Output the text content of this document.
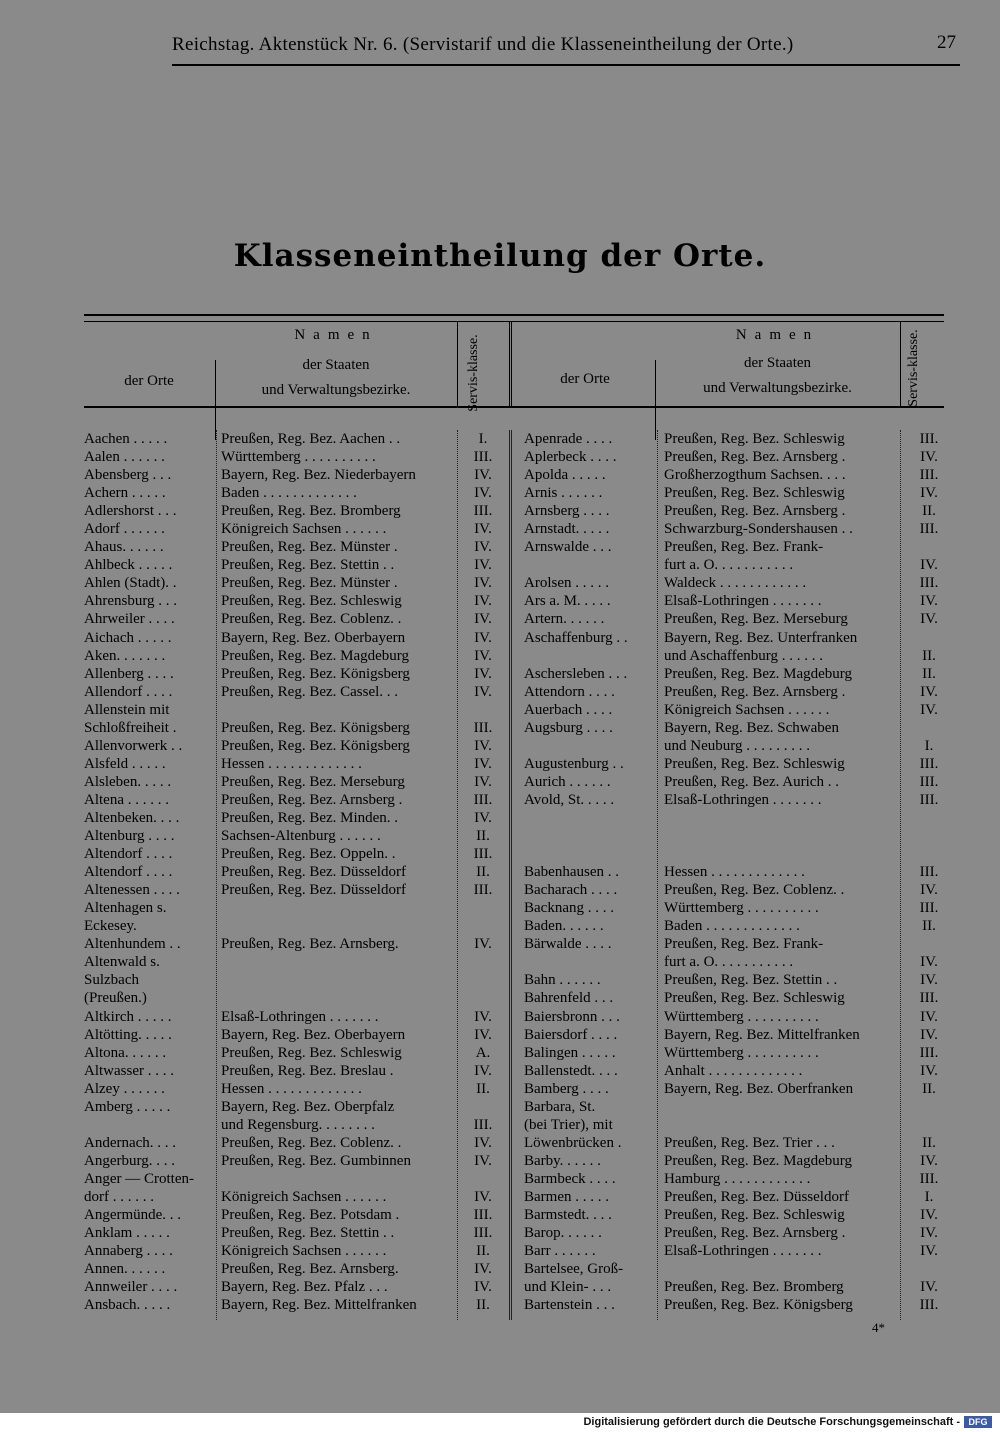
Reichstag. Aktenstück Nr. 6. (Servistarif und die Klasseneintheilung der Orte.)	27
Klasseneintheilung der Orte.
Namen
der Orte
der Staaten
und Verwaltungsbezirke.	Servis-klasse.	Namen
der Orte
der Staaten
und Verwaltungsbezirke.	Servis-klasse.
Aachen . . . . .	Preußen, Reg. Bez. Aachen . .	I.
Aalen . . . . . .	Württemberg . . . . . . . . . .	III.
Abensberg . . .	Bayern, Reg. Bez. Niederbayern	IV.
Achern . . . . .	Baden . . . . . . . . . . . . .	IV.
Adlershorst . . .	Preußen, Reg. Bez. Bromberg	III.
Adorf . . . . . .	Königreich Sachsen . . . . . .	IV.
Ahaus. . . . . .	Preußen, Reg. Bez. Münster .	IV.
Ahlbeck . . . . .	Preußen, Reg. Bez. Stettin . .	IV.
Ahlen (Stadt). .	Preußen, Reg. Bez. Münster .	IV.
Ahrensburg . . .	Preußen, Reg. Bez. Schleswig	IV.
Ahrweiler . . . .	Preußen, Reg. Bez. Coblenz. .	IV.
Aichach . . . . .	Bayern, Reg. Bez. Oberbayern	IV.
Aken. . . . . . .	Preußen, Reg. Bez. Magdeburg	IV.
Allenberg . . . .	Preußen, Reg. Bez. Königsberg	IV.
Allendorf . . . .	Preußen, Reg. Bez. Cassel. . .	IV.
Allenstein mit
Schloßfreiheit .	Preußen, Reg. Bez. Königsberg	III.
Allenvorwerk . .	Preußen, Reg. Bez. Königsberg	IV.
Alsfeld . . . . .	Hessen . . . . . . . . . . . . .	IV.
Alsleben. . . . .	Preußen, Reg. Bez. Merseburg	IV.
Altena . . . . . .	Preußen, Reg. Bez. Arnsberg .	III.
Altenbeken. . . .	Preußen, Reg. Bez. Minden. .	IV.
Altenburg . . . .	Sachsen-Altenburg . . . . . .	II.
Altendorf . . . .	Preußen, Reg. Bez. Oppeln. .	III.
Altendorf . . . .	Preußen, Reg. Bez. Düsseldorf	II.
Altenessen . . . .	Preußen, Reg. Bez. Düsseldorf	III.
Altenhagen s.
Eckesey.
Altenhundem . .	Preußen, Reg. Bez. Arnsberg.	IV.
Altenwald s.
Sulzbach
(Preußen.)
Altkirch . . . . .	Elsaß-Lothringen . . . . . . .	IV.
Altötting. . . . .	Bayern, Reg. Bez. Oberbayern	IV.
Altona. . . . . .	Preußen, Reg. Bez. Schleswig	A.
Altwasser . . . .	Preußen, Reg. Bez. Breslau .	IV.
Alzey . . . . . .	Hessen . . . . . . . . . . . . .	II.
Amberg . . . . .	Bayern, Reg. Bez. Oberpfalz
und Regensburg. . . . . . . .	III.
Andernach. . . .	Preußen, Reg. Bez. Coblenz. .	IV.
Angerburg. . . .	Preußen, Reg. Bez. Gumbinnen	IV.
Anger — Crotten-
dorf . . . . . .	Königreich Sachsen . . . . . .	IV.
Angermünde. . .	Preußen, Reg. Bez. Potsdam .	III.
Anklam . . . . .	Preußen, Reg. Bez. Stettin . .	III.
Annaberg . . . .	Königreich Sachsen . . . . . .	II.
Annen. . . . . .	Preußen, Reg. Bez. Arnsberg.	IV.
Annweiler . . . .	Bayern, Reg. Bez. Pfalz . . .	IV.
Ansbach. . . . .	Bayern, Reg. Bez. Mittelfranken	II.
Apenrade . . . .	Preußen, Reg. Bez. Schleswig	III.
Aplerbeck . . . .	Preußen, Reg. Bez. Arnsberg .	IV.
Apolda . . . . .	Großherzogthum Sachsen. . . .	III.
Arnis . . . . . .	Preußen, Reg. Bez. Schleswig	IV.
Arnsberg . . . .	Preußen, Reg. Bez. Arnsberg .	II.
Arnstadt. . . . .	Schwarzburg-Sondershausen . .	III.
Arnswalde . . .	Preußen, Reg. Bez. Frank-
furt a. O. . . . . . . . . . .	IV.
Arolsen . . . . .	Waldeck . . . . . . . . . . . .	III.
Ars a. M. . . . .	Elsaß-Lothringen . . . . . . .	IV.
Artern. . . . . .	Preußen, Reg. Bez. Merseburg	IV.
Aschaffenburg . .	Bayern, Reg. Bez. Unterfranken
und Aschaffenburg . . . . . .	II.
Aschersleben . . .	Preußen, Reg. Bez. Magdeburg	II.
Attendorn . . . .	Preußen, Reg. Bez. Arnsberg .	IV.
Auerbach . . . .	Königreich Sachsen . . . . . .	IV.
Augsburg . . . .	Bayern, Reg. Bez. Schwaben
und Neuburg . . . . . . . . .	I.
Augustenburg . .	Preußen, Reg. Bez. Schleswig	III.
Aurich . . . . . .	Preußen, Reg. Bez. Aurich . .	III.
Avold, St. . . . .	Elsaß-Lothringen . . . . . . .	III.
Babenhausen . .	Hessen . . . . . . . . . . . . .	III.
Bacharach . . . .	Preußen, Reg. Bez. Coblenz. .	IV.
Backnang . . . .	Württemberg . . . . . . . . . .	III.
Baden. . . . . .	Baden . . . . . . . . . . . . .	II.
Bärwalde . . . .	Preußen, Reg. Bez. Frank-
furt a. O. . . . . . . . . . .	IV.
Bahn . . . . . .	Preußen, Reg. Bez. Stettin . .	IV.
Bahrenfeld . . .	Preußen, Reg. Bez. Schleswig	III.
Baiersbronn . . .	Württemberg . . . . . . . . . .	IV.
Baiersdorf . . . .	Bayern, Reg. Bez. Mittelfranken	IV.
Balingen . . . . .	Württemberg . . . . . . . . . .	III.
Ballenstedt. . . .	Anhalt . . . . . . . . . . . . .	IV.
Bamberg . . . .	Bayern, Reg. Bez. Oberfranken	II.
Barbara, St.
(bei Trier), mit
Löwenbrücken .	Preußen, Reg. Bez. Trier . . .	II.
Barby. . . . . .	Preußen, Reg. Bez. Magdeburg	IV.
Barmbeck . . . .	Hamburg . . . . . . . . . . . .	III.
Barmen . . . . .	Preußen, Reg. Bez. Düsseldorf	I.
Barmstedt. . . .	Preußen, Reg. Bez. Schleswig	IV.
Barop. . . . . .	Preußen, Reg. Bez. Arnsberg .	IV.
Barr . . . . . .	Elsaß-Lothringen . . . . . . .	IV.
Bartelsee, Groß-
und Klein- . . .	Preußen, Reg. Bez. Bromberg	IV.
Bartenstein . . .	Preußen, Reg. Bez. Königsberg	III.
4*
Digitalisierung gefördert durch die Deutsche Forschungsgemeinschaft - DFG
